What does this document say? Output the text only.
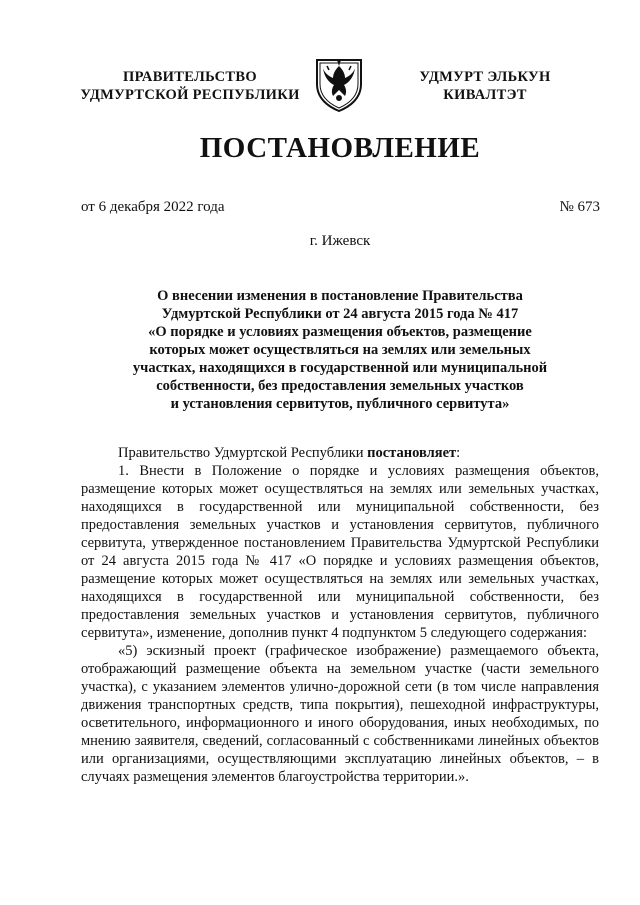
ПРАВИТЕЛЬСТВО
УДМУРТСКОЙ РЕСПУБЛИКИ
УДМУРТ ЭЛЬКУН
КИВАЛТЭТ
ПОСТАНОВЛЕНИЕ
от 6 декабря 2022 года	№ 673
г. Ижевск
О внесении изменения в постановление Правительства
Удмуртской Республики от 24 августа 2015 года № 417
«О порядке и условиях размещения объектов, размещение
которых может осуществляться на землях или земельных
участках, находящихся в государственной или муниципальной
собственности, без предоставления земельных участков
и установления сервитутов, публичного сервитута»

Правительство Удмуртской Республики постановляет:

1. Внести в Положение о порядке и условиях размещения объектов, размещение которых может осуществляться на землях или земельных участках, находящихся в государственной или муниципальной собственности, без предоставления земельных участков и установления сервитутов, публичного сервитута, утвержденное постановлением Правительства Удмуртской Республики от 24 августа 2015 года № 417 «О порядке и условиях размещения объектов, размещение которых может осуществляться на землях или земельных участках, находящихся в государственной или муниципальной собственности, без предоставления земельных участков и установления сервитутов, публичного сервитута», изменение, дополнив пункт 4 подпунктом 5 следующего содержания:

«5) эскизный проект (графическое изображение) размещаемого объекта, отображающий размещение объекта на земельном участке (части земельного участка), с указанием элементов улично-дорожной сети (в том числе направления движения транспортных средств, типа покрытия), пешеходной инфраструктуры, осветительного, информационного и иного оборудования, иных необходимых, по мнению заявителя, сведений, согласованный с собственниками линейных объектов или организациями, осуществляющими эксплуатацию линейных объектов, – в случаях размещения элементов благоустройства территории.».
